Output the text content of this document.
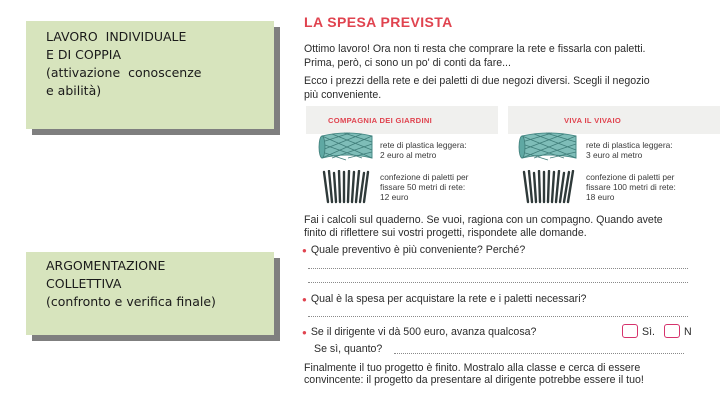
LAVORO  INDIVIDUALE
E DI COPPIA
(attivazione  conoscenze
e abilità)
ARGOMENTAZIONE
COLLETTIVA
(confronto e verifica finale)
LA SPESA PREVISTA
Ottimo lavoro! Ora non ti resta che comprare la rete e fissarla con paletti.
Prima, però, ci sono un po' di conti da fare...
Ecco i prezzi della rete e dei paletti di due negozi diversi. Scegli il negozio
più conveniente.
COMPAGNIA DEI GIARDINI
rete di plastica leggera:
2 euro al metro
confezione di paletti per
fissare 50 metri di rete:
12 euro
VIVA IL VIVAIO
rete di plastica leggera:
3 euro al metro
confezione di paletti per
fissare 100 metri di rete:
18 euro
Fai i calcoli sul quaderno. Se vuoi, ragiona con un compagno. Quando avete
finito di riflettere sui vostri progetti, rispondete alle domande.
● Quale preventivo è più conveniente? Perché?
● Qual è la spesa per acquistare la rete e i paletti necessari?
● Se il dirigente vi dà 500 euro, avanza qualcosa?	Sì.	N
Se sì, quanto?
Finalmente il tuo progetto è finito. Mostralo alla classe e cerca di essere
convincente: il progetto da presentare al dirigente potrebbe essere il tuo!
